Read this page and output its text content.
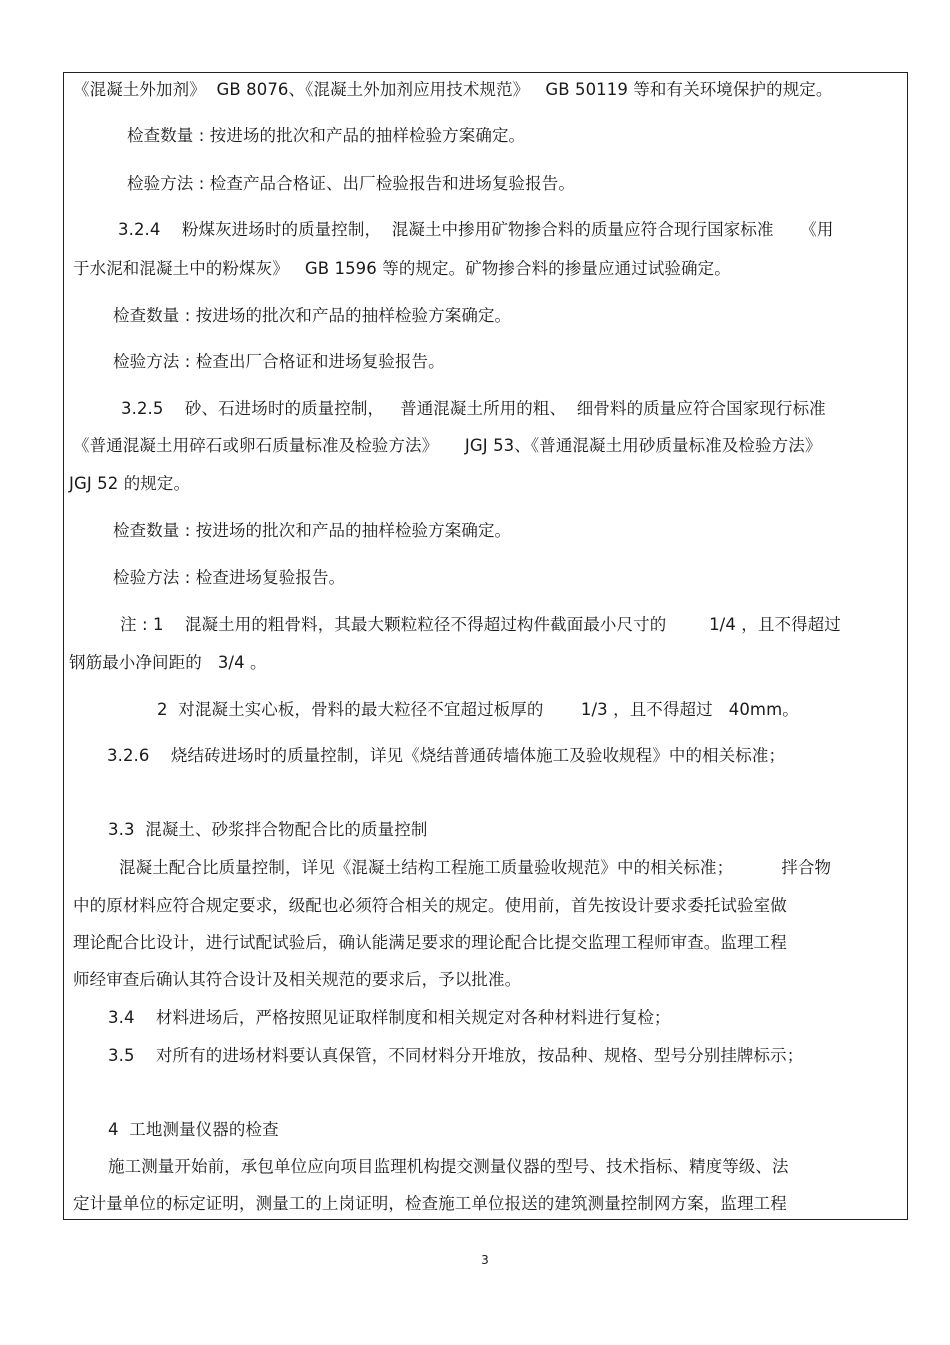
《混凝土外加剂》  GB 8076、《混凝土外加剂应用技术规范》   GB 50119 等和有关环境保护的规定。
检查数量 : 按进场的批次和产品的抽样检验方案确定。
检验方法 : 检查产品合格证、出厂检验报告和进场复验报告。
3.2.4    粉煤灰进场时的质量控制，  混凝土中掺用矿物掺合料的质量应符合现行国家标准     《用
于水泥和混凝土中的粉煤灰》   GB 1596 等的规定。矿物掺合料的掺量应通过试验确定。
检查数量 : 按进场的批次和产品的抽样检验方案确定。
检验方法 : 检查出厂合格证和进场复验报告。
3.2.5    砂、石进场时的质量控制，   普通混凝土所用的粗、  细骨料的质量应符合国家现行标准
《普通混凝土用碎石或卵石质量标准及检验方法》     JGJ 53、《普通混凝土用砂质量标准及检验方法》
JGJ 52 的规定。
检查数量 : 按进场的批次和产品的抽样检验方案确定。
检验方法 : 检查进场复验报告。
注 : 1    混凝土用的粗骨料，其最大颗粒粒径不得超过构件截面最小尺寸的        1/4 ，且不得超过
钢筋最小净间距的   3/4 。
2  对混凝土实心板，骨料的最大粒径不宜超过板厚的       1/3 ，且不得超过   40mm。
3.2.6    烧结砖进场时的质量控制，详见《烧结普通砖墙体施工及验收规程》中的相关标准；
3.3  混凝土、砂浆拌合物配合比的质量控制
混凝土配合比质量控制，详见《混凝土结构工程施工质量验收规范》中的相关标准；         拌合物
中的原材料应符合规定要求，级配也必须符合相关的规定。使用前，首先按设计要求委托试验室做
理论配合比设计，进行试配试验后，确认能满足要求的理论配合比提交监理工程师审查。监理工程
师经审查后确认其符合设计及相关规范的要求后，予以批准。
3.4    材料进场后，严格按照见证取样制度和相关规定对各种材料进行复检；
3.5    对所有的进场材料要认真保管，不同材料分开堆放，按品种、规格、型号分别挂牌标示；
4  工地测量仪器的检查
施工测量开始前，承包单位应向项目监理机构提交测量仪器的型号、技术指标、精度等级、法
定计量单位的标定证明，测量工的上岗证明，检查施工单位报送的建筑测量控制网方案，监理工程
3
